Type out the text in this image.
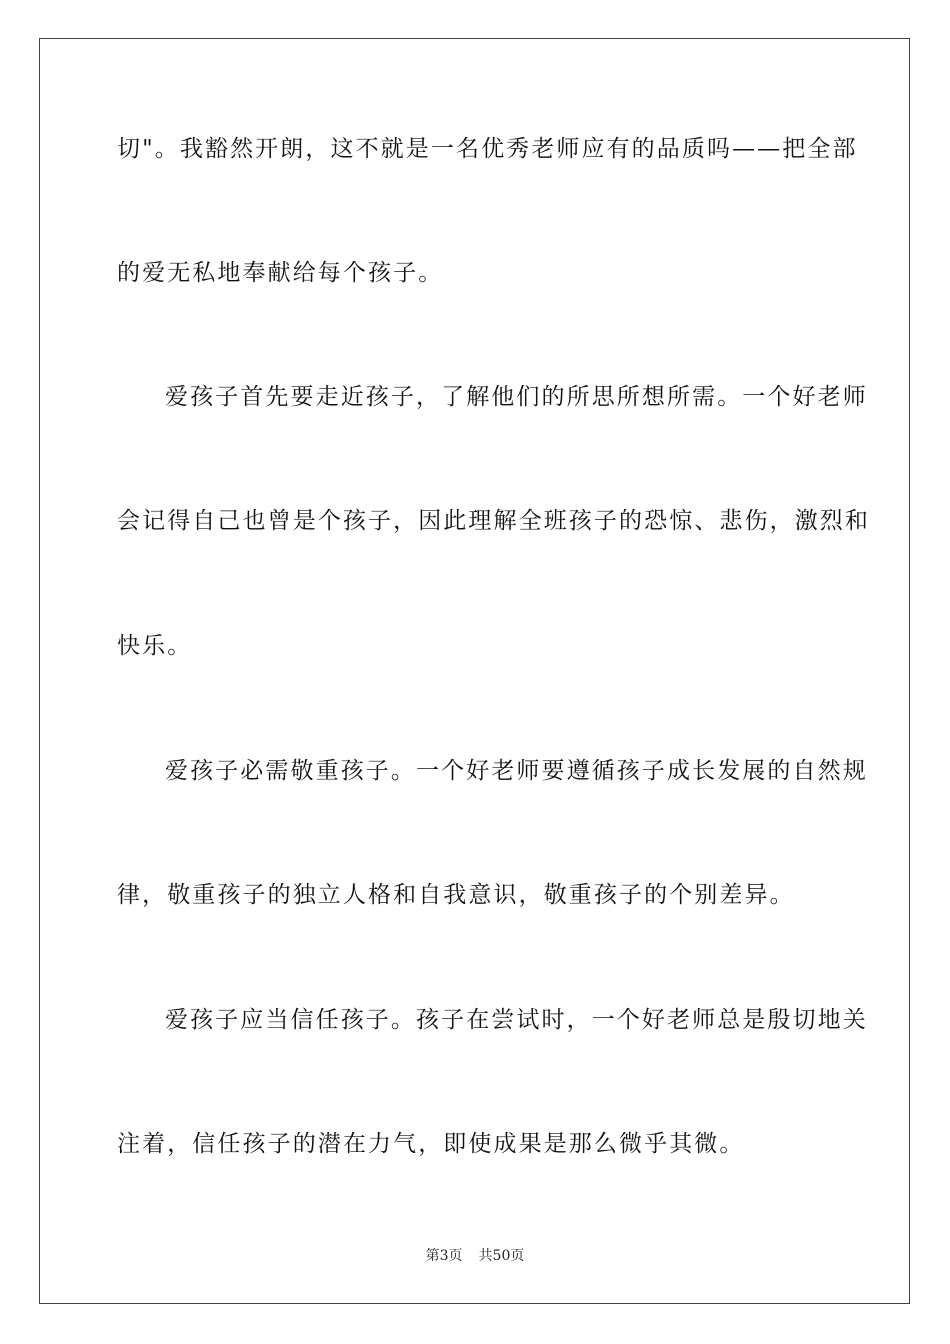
切"。我豁然开朗，这不就是一名优秀老师应有的品质吗——把全部
的爱无私地奉献给每个孩子。
爱孩子首先要走近孩子，了解他们的所思所想所需。一个好老师
会记得自己也曾是个孩子，因此理解全班孩子的恐惊、悲伤，激烈和
快乐。
爱孩子必需敬重孩子。一个好老师要遵循孩子成长发展的自然规
律，敬重孩子的独立人格和自我意识，敬重孩子的个别差异。
爱孩子应当信任孩子。孩子在尝试时，一个好老师总是殷切地关
注着，信任孩子的潜在力气，即使成果是那么微乎其微。
第3页 共50页
